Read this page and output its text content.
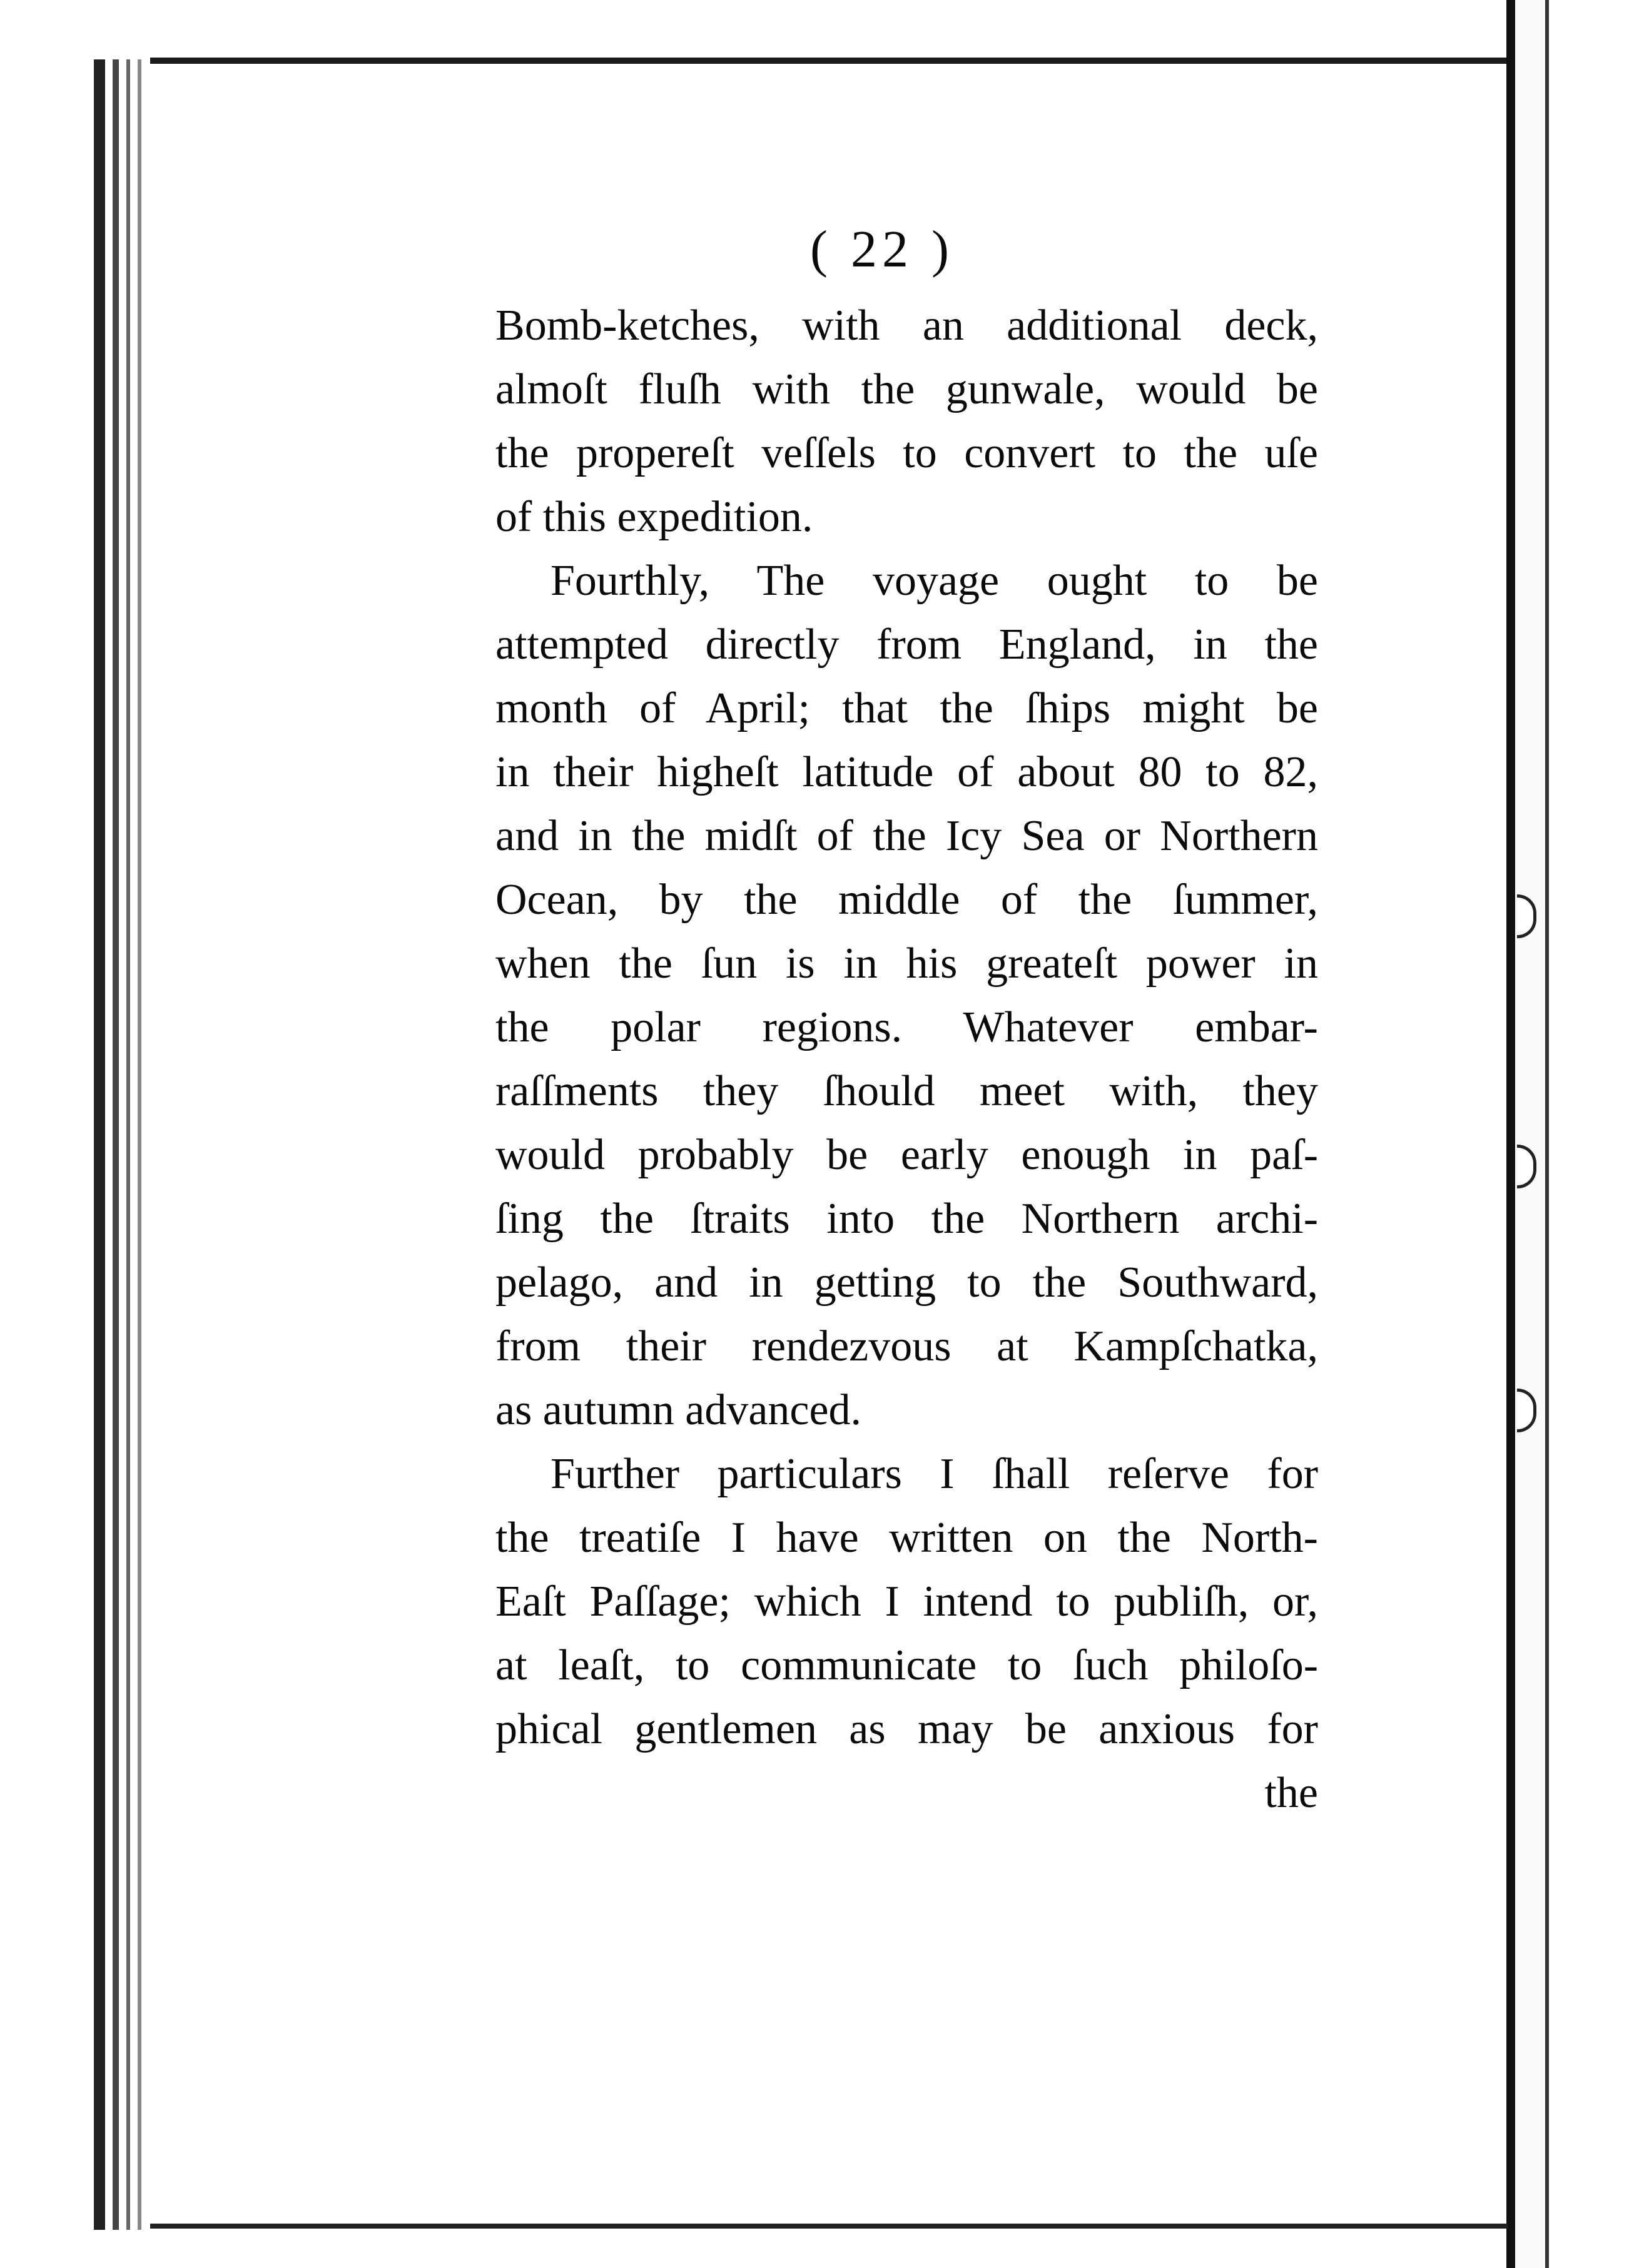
( 22 )
Bomb-ketches, with an additional deck,
almoſt fluſh with the gunwale, would be
the propereſt veſſels to convert to the uſe
of this expedition.
Fourthly, The voyage ought to be
attempted directly from England, in the
month of April; that the ſhips might be
in their higheſt latitude of about 80 to 82,
and in the midſt of the Icy Sea or Northern
Ocean, by the middle of the ſummer,
when the ſun is in his greateſt power in
the polar regions. Whatever embar-
raſſments they ſhould meet with, they
would probably be early enough in paſ-
ſing the ſtraits into the Northern archi-
pelago, and in getting to the Southward,
from their rendezvous at Kampſchatka,
as autumn advanced.
Further particulars I ſhall reſerve for
the treatiſe I have written on the North-
Eaſt Paſſage; which I intend to publiſh, or,
at leaſt, to communicate to ſuch philoſo-
phical gentlemen as may be anxious for
the
